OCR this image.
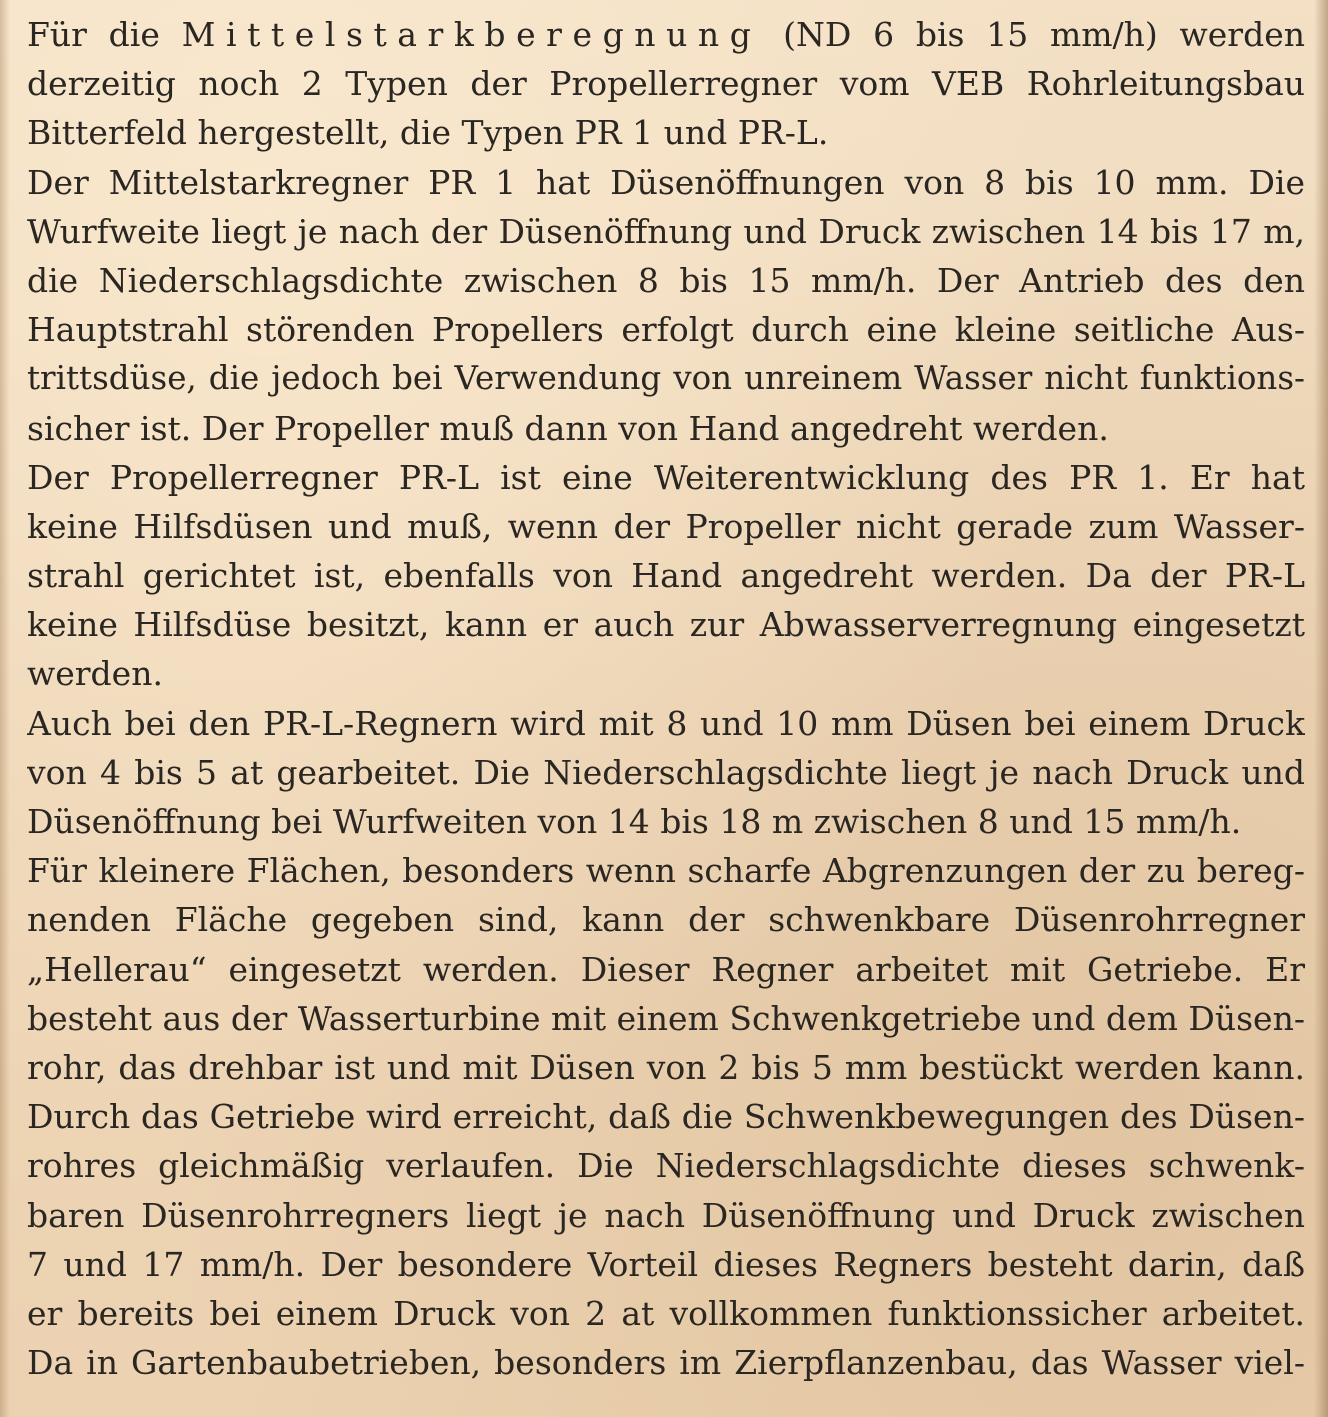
Für die Mittelstarkberegnung (ND 6 bis 15 mm/h) werden
derzeitig noch 2 Typen der Propellerregner vom VEB Rohrleitungsbau
Bitterfeld hergestellt, die Typen PR 1 und PR-L.
Der Mittelstarkregner PR 1 hat Düsenöffnungen von 8 bis 10 mm. Die
Wurfweite liegt je nach der Düsenöffnung und Druck zwischen 14 bis 17 m,
die Niederschlagsdichte zwischen 8 bis 15 mm/h. Der Antrieb des den
Hauptstrahl störenden Propellers erfolgt durch eine kleine seitliche Aus-
trittsdüse, die jedoch bei Verwendung von unreinem Wasser nicht funktions-
sicher ist. Der Propeller muß dann von Hand angedreht werden.
Der Propellerregner PR-L ist eine Weiterentwicklung des PR 1. Er hat
keine Hilfsdüsen und muß, wenn der Propeller nicht gerade zum Wasser-
strahl gerichtet ist, ebenfalls von Hand angedreht werden. Da der PR-L
keine Hilfsdüse besitzt, kann er auch zur Abwasserverregnung eingesetzt
werden.
Auch bei den PR-L-Regnern wird mit 8 und 10 mm Düsen bei einem Druck
von 4 bis 5 at gearbeitet. Die Niederschlagsdichte liegt je nach Druck und
Düsenöffnung bei Wurfweiten von 14 bis 18 m zwischen 8 und 15 mm/h.
Für kleinere Flächen, besonders wenn scharfe Abgrenzungen der zu bereg-
nenden Fläche gegeben sind, kann der schwenkbare Düsenrohrregner
„Hellerau“ eingesetzt werden. Dieser Regner arbeitet mit Getriebe. Er
besteht aus der Wasserturbine mit einem Schwenkgetriebe und dem Düsen-
rohr, das drehbar ist und mit Düsen von 2 bis 5 mm bestückt werden kann.
Durch das Getriebe wird erreicht, daß die Schwenkbewegungen des Düsen-
rohres gleichmäßig verlaufen. Die Niederschlagsdichte dieses schwenk-
baren Düsenrohrregners liegt je nach Düsenöffnung und Druck zwischen
7 und 17 mm/h. Der besondere Vorteil dieses Regners besteht darin, daß
er bereits bei einem Druck von 2 at vollkommen funktionssicher arbeitet.
Da in Gartenbaubetrieben, besonders im Zierpflanzenbau, das Wasser viel-
